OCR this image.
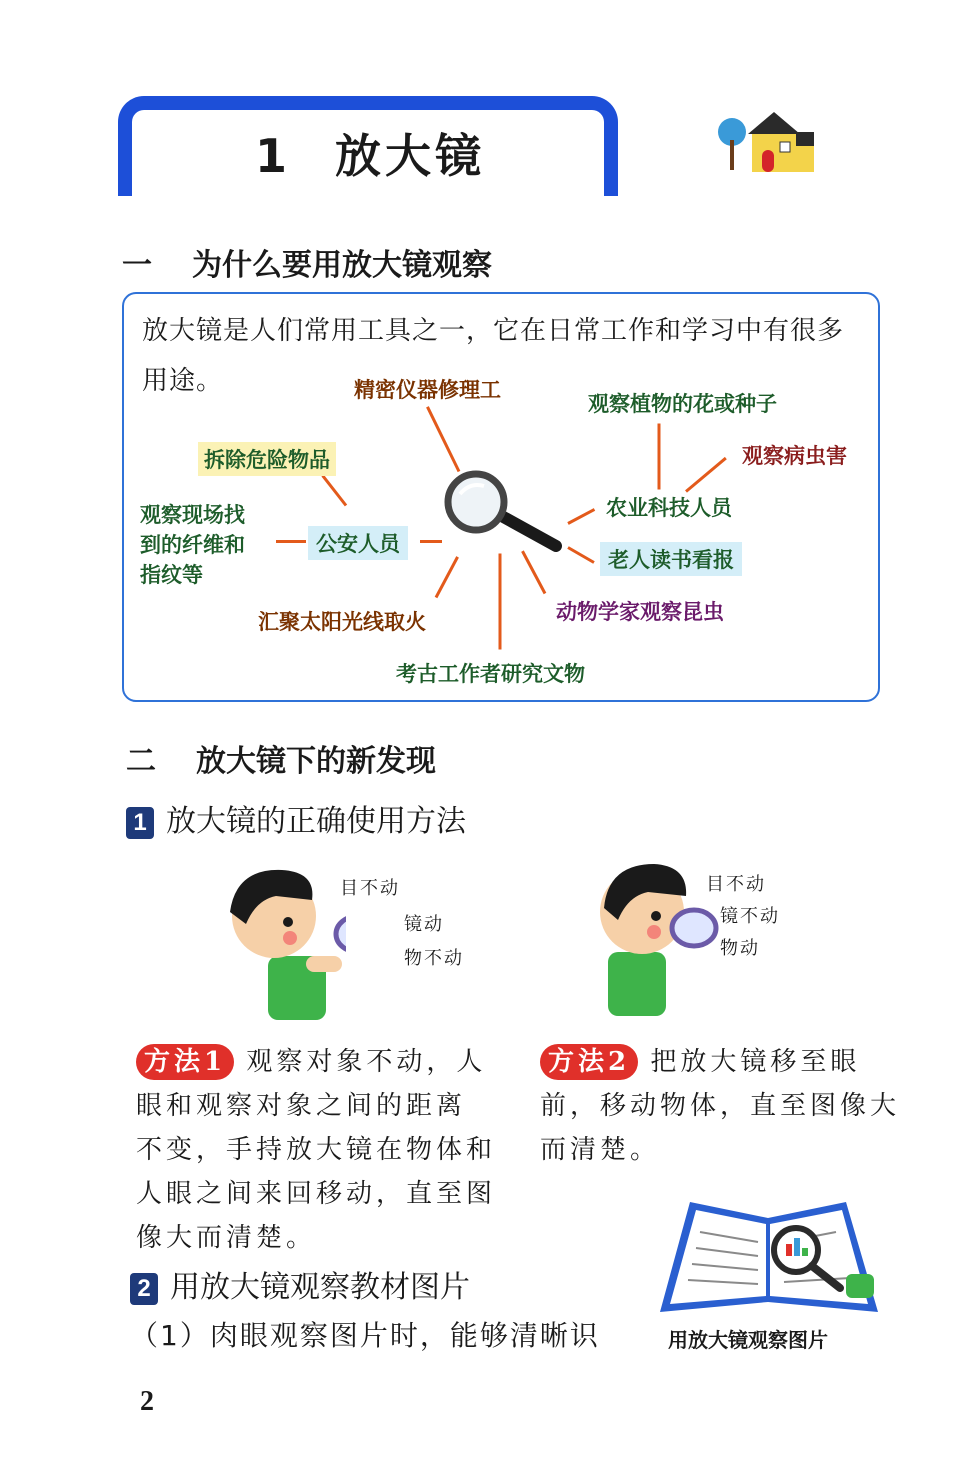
1 放大镜
一 为什么要用放大镜观察
放大镜是人们常用工具之一，它在日常工作和学习中有很多用途。	精密仪器修理工
观察植物的花或种子
观察病虫害
拆除危险物品
农业科技人员
观察现场找
到的纤维和
指纹等
公安人员
老人读书看报
汇聚太阳光线取火	动物学家观察昆虫
考古工作者研究文物
二 放大镜下的新发现
1 放大镜的正确使用方法
目不动
镜动
物不动
目不动
镜不动
物动
方法1 观察对象不动，人
眼和观察对象之间的距离
不变，手持放大镜在物体和
人眼之间来回移动，直至图
像大而清楚。
方法2 把放大镜移至眼
前，移动物体，直至图像大
而清楚。
2 用放大镜观察教材图片
（1）肉眼观察图片时，能够清晰识	用放大镜观察图片
2
